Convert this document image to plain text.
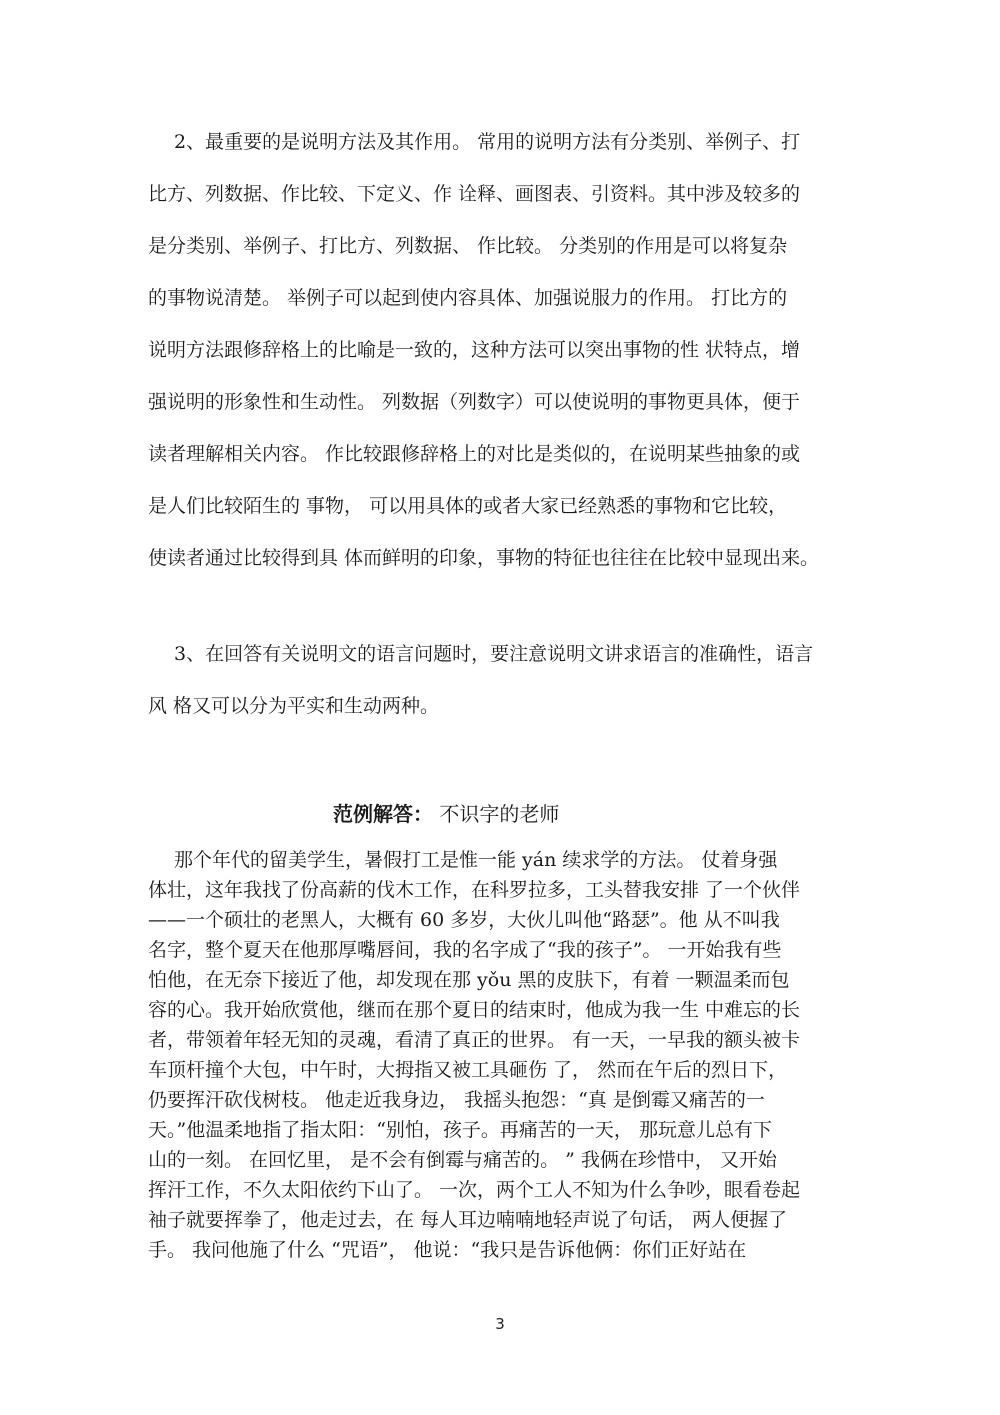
2、最重要的是说明方法及其作用。 常用的说明方法有分类别、举例子、打
比方、列数据、作比较、下定义、作 诠释、画图表、引资料。其中涉及较多的
是分类别、举例子、打比方、列数据、 作比较。 分类别的作用是可以将复杂
的事物说清楚。 举例子可以起到使内容具体、加强说服力的作用。 打比方的
说明方法跟修辞格上的比喻是一致的，这种方法可以突出事物的性 状特点，增
强说明的形象性和生动性。 列数据（列数字）可以使说明的事物更具体，便于
读者理解相关内容。 作比较跟修辞格上的对比是类似的，在说明某些抽象的或
是人们比较陌生的 事物， 可以用具体的或者大家已经熟悉的事物和它比较，
使读者通过比较得到具 体而鲜明的印象，事物的特征也往往在比较中显现出来。
3、在回答有关说明文的语言问题时，要注意说明文讲求语言的准确性，语言
风 格又可以分为平实和生动两种。
范例解答： 不识字的老师
那个年代的留美学生，暑假打工是惟一能 yán 续求学的方法。 仗着身强
体壮，这年我找了份高薪的伐木工作，在科罗拉多，工头替我安排 了一个伙伴
——一个硕壮的老黑人，大概有 60 多岁，大伙儿叫他“路瑟”。他 从不叫我
名字，整个夏天在他那厚嘴唇间，我的名字成了“我的孩子”。 一开始我有些
怕他，在无奈下接近了他，却发现在那 yǒu 黑的皮肤下，有着 一颗温柔而包
容的心。我开始欣赏他，继而在那个夏日的结束时，他成为我一生 中难忘的长
者，带领着年轻无知的灵魂，看清了真正的世界。 有一天，一早我的额头被卡
车顶杆撞个大包，中午时，大拇指又被工具砸伤 了， 然而在午后的烈日下，
仍要挥汗砍伐树枝。 他走近我身边， 我摇头抱怨：“真 是倒霉又痛苦的一
天。”他温柔地指了指太阳：“别怕，孩子。再痛苦的一天， 那玩意儿总有下
山的一刻。 在回忆里， 是不会有倒霉与痛苦的。 ” 我俩在珍惜中， 又开始
挥汗工作，不久太阳依约下山了。 一次，两个工人不知为什么争吵，眼看卷起
袖子就要挥拳了，他走过去，在 每人耳边喃喃地轻声说了句话， 两人便握了
手。 我问他施了什么 “咒语”， 他说：“我只是告诉他俩：你们正好站在
3
